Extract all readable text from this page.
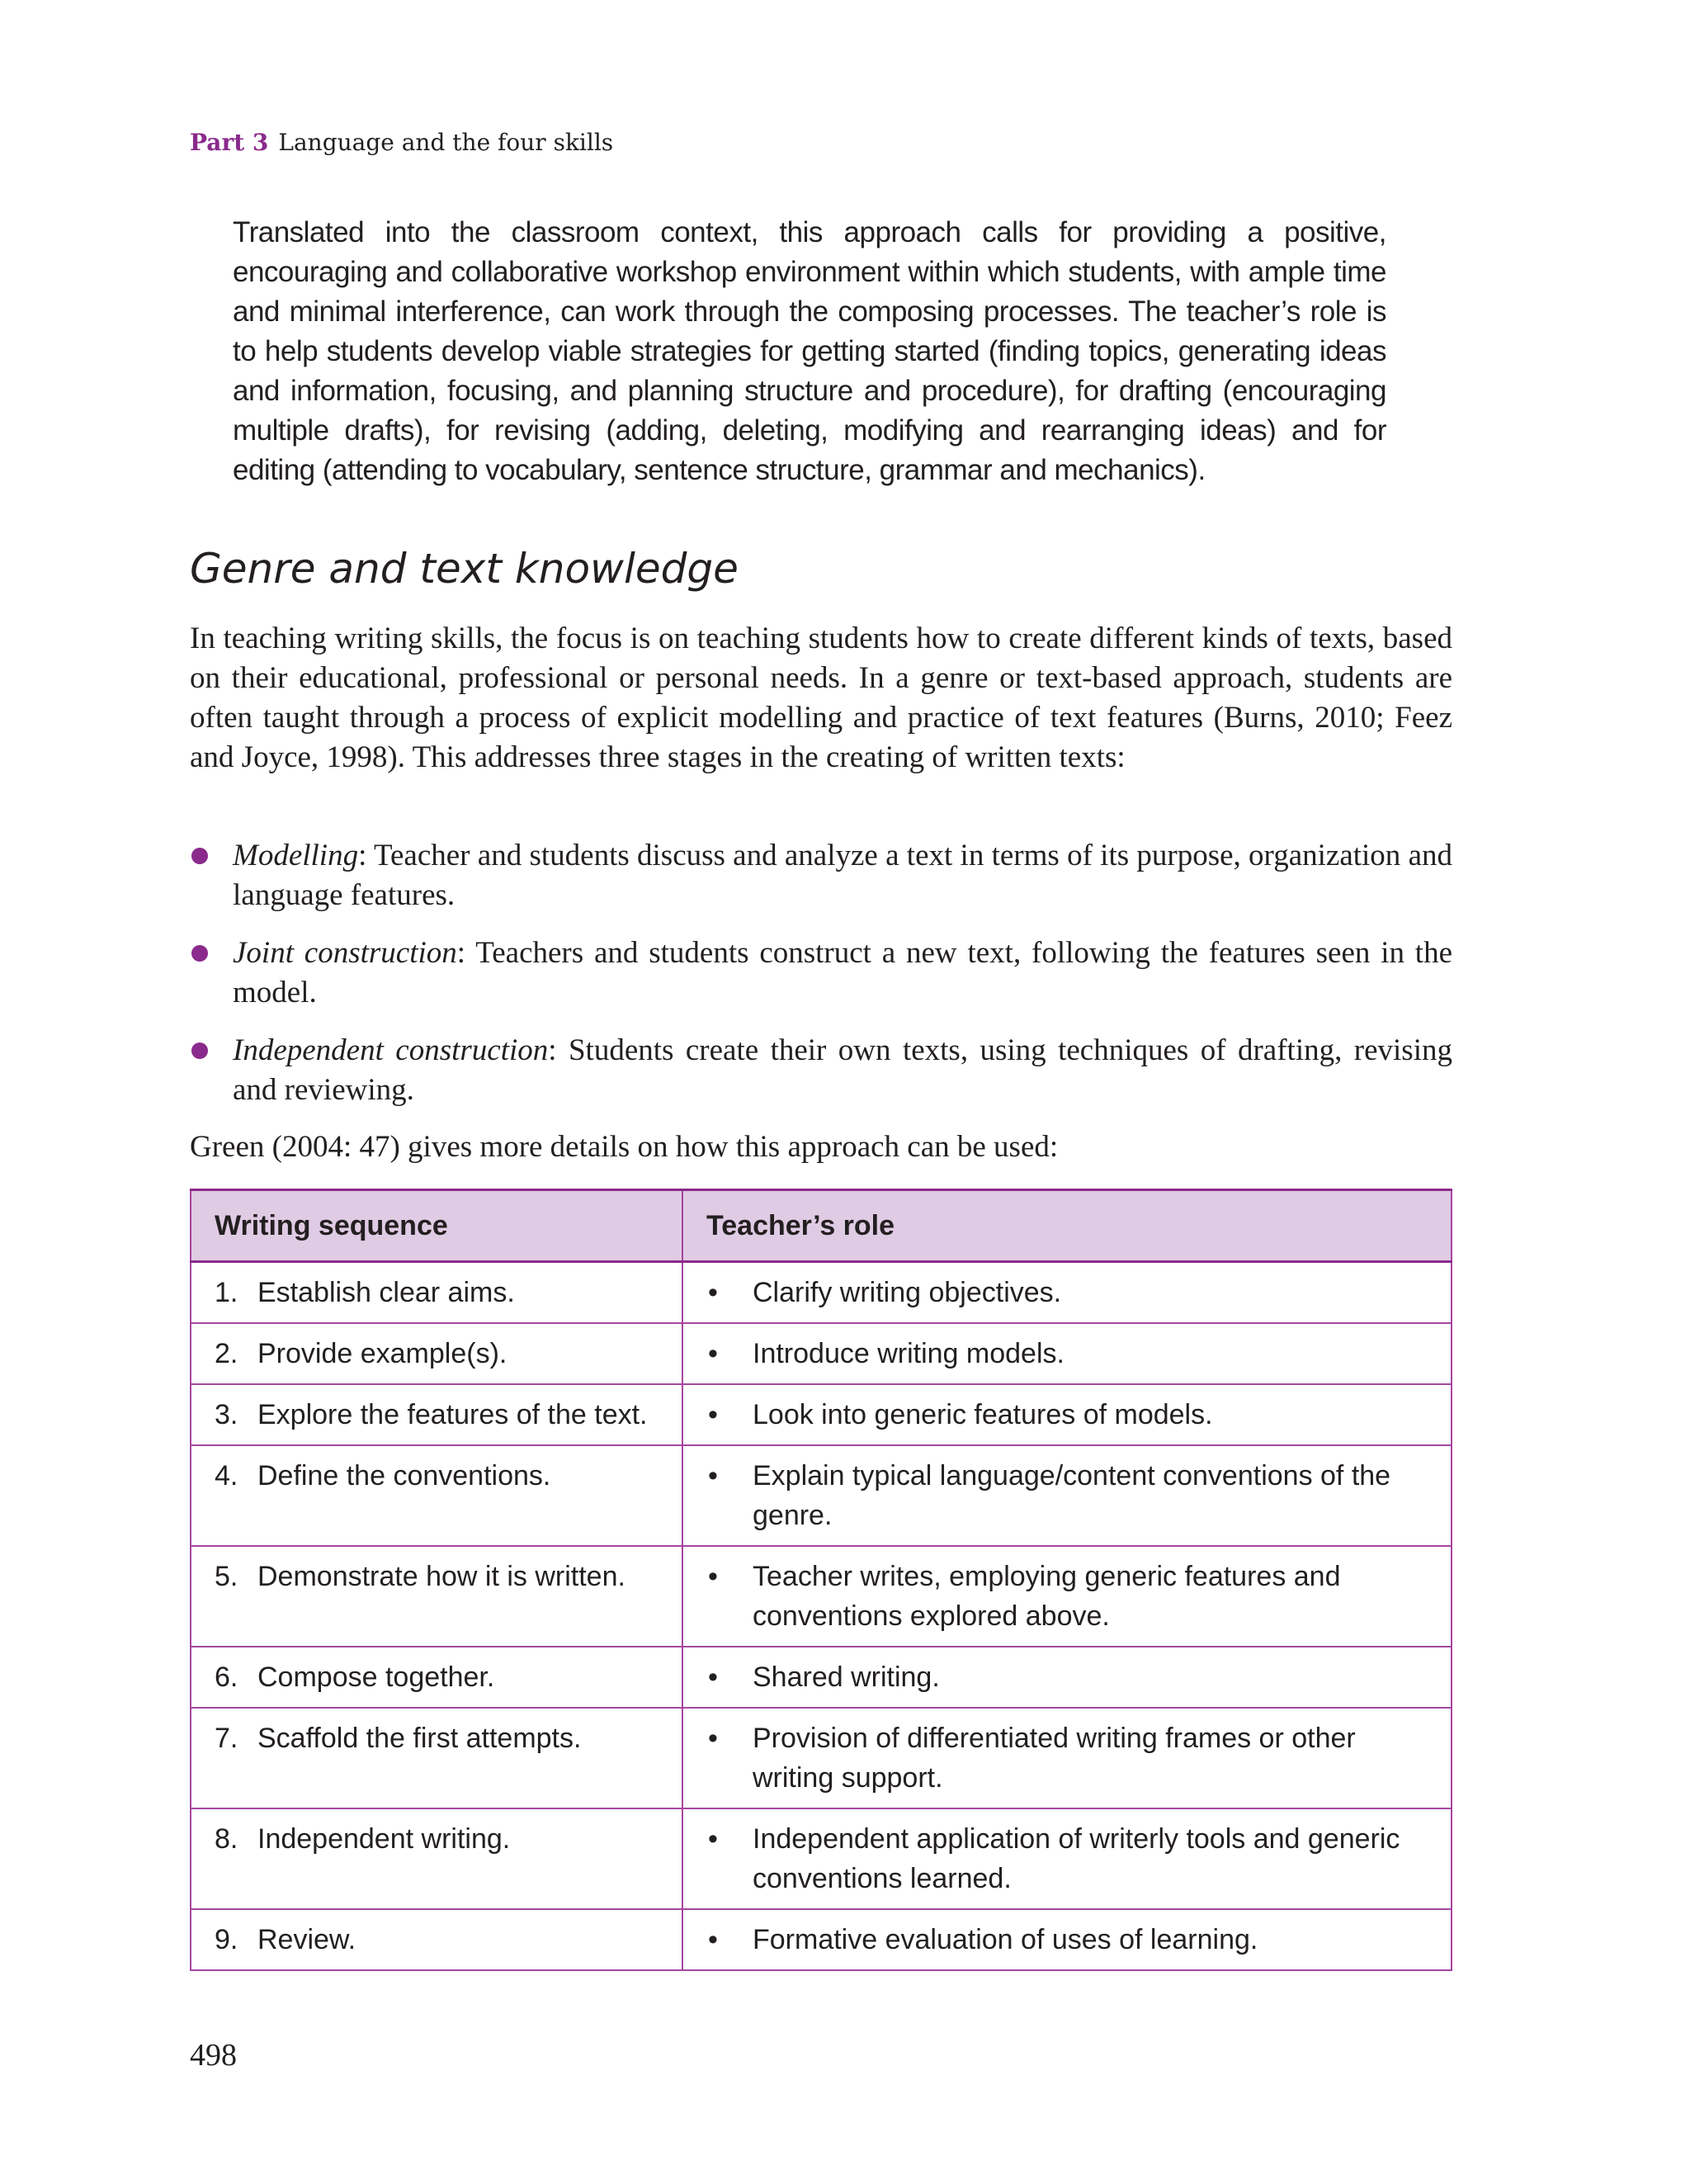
Part 3 Language and the four skills
Translated into the classroom context, this approach calls for providing a positive, encouraging and collaborative workshop environment within which students, with ample time and minimal interference, can work through the composing processes. The teacher’s role is to help students develop viable strategies for getting started (finding topics, generating ideas and information, focusing, and planning structure and procedure), for drafting (encouraging multiple drafts), for revising (adding, deleting, modifying and rearranging ideas) and for editing (attending to vocabulary, sentence structure, grammar and mechanics).
Genre and text knowledge
In teaching writing skills, the focus is on teaching students how to create different kinds of texts, based on their educational, professional or personal needs. In a genre or text-based approach, students are often taught through a process of explicit modelling and practice of text features (Burns, 2010; Feez and Joyce, 1998). This addresses three stages in the creating of written texts:
Modelling: Teacher and students discuss and analyze a text in terms of its purpose, organization and language features.
Joint construction: Teachers and students construct a new text, following the features seen in the model.
Independent construction: Students create their own texts, using techniques of drafting, revising and reviewing.
Green (2004: 47) gives more details on how this approach can be used:
Writing sequence	Teacher’s role
1. Establish clear aims.	• Clarify writing objectives.
2. Provide example(s).	• Introduce writing models.
3. Explore the features of the text.	• Look into generic features of models.
4. Define the conventions.	• Explain typical language/content conventions of the genre.
5. Demonstrate how it is written.	• Teacher writes, employing generic features and conventions explored above.
6. Compose together.	• Shared writing.
7. Scaffold the first attempts.	• Provision of differentiated writing frames or other writing support.
8. Independent writing.	• Independent application of writerly tools and generic conventions learned.
9. Review.	• Formative evaluation of uses of learning.
498
